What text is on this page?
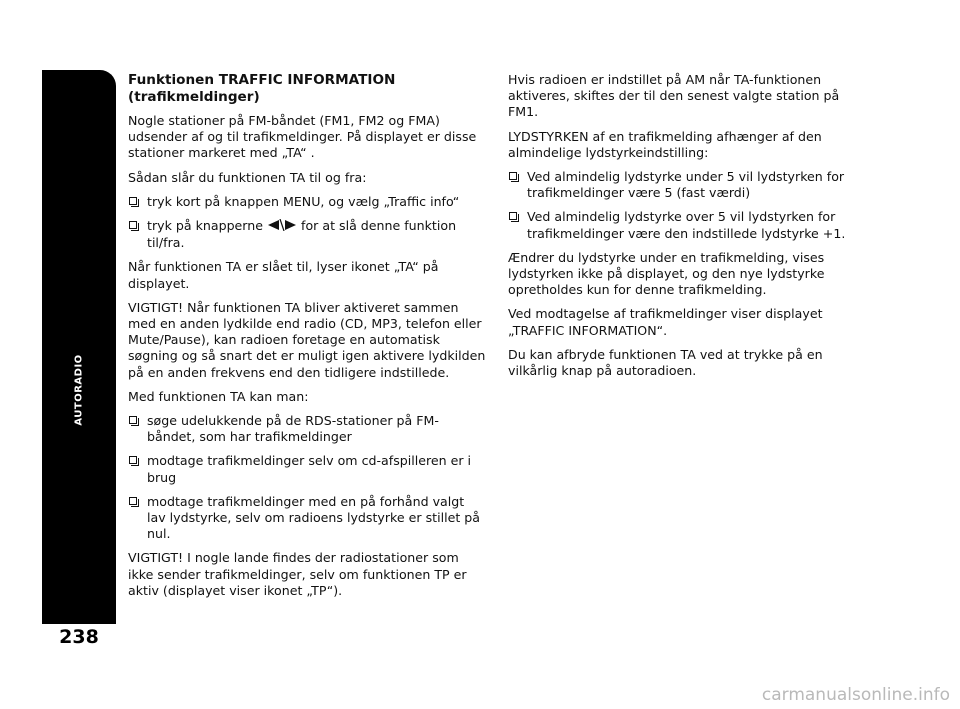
AUTORADIO
238
Funktionen TRAFFIC INFORMATION
(trafikmeldinger)

Nogle stationer på FM-båndet (FM1, FM2 og FMA) udsender af og til trafikmeldinger. På displayet er disse stationer markeret med „TA“ .

Sådan slår du funktionen TA til og fra:

tryk kort på knappen MENU, og vælg „Traffic info“
tryk på knapperne	for at slå denne funktion til/fra.

Når funktionen TA er slået til, lyser ikonet „TA“ på displayet.

VIGTIGT! Når funktionen TA bliver aktiveret sammen med en anden lydkilde end radio (CD, MP3, telefon eller Mute/Pause), kan radioen foretage en automatisk søgning og så snart det er muligt igen aktivere lydkilden på en anden frekvens end den tidligere indstillede.

Med funktionen TA kan man:

søge udelukkende på de RDS-stationer på FM-båndet, som har trafikmeldinger
modtage trafikmeldinger selv om cd-afspilleren er i brug
modtage trafikmeldinger med en på forhånd valgt lav lydstyrke, selv om radioens lydstyrke er stillet på nul.

VIGTIGT! I nogle lande findes der radiostationer som ikke sender trafikmeldinger, selv om funktionen TP er aktiv (displayet viser ikonet „TP“).

Hvis radioen er indstillet på AM når TA-funktionen aktiveres, skiftes der til den senest valgte station på FM1.

LYDSTYRKEN af en trafikmelding afhænger af den almindelige lydstyrkeindstilling:

Ved almindelig lydstyrke under 5 vil lydstyrken for trafikmeldinger være 5 (fast værdi)
Ved almindelig lydstyrke over 5 vil lydstyrken for trafikmeldinger være den indstillede lydstyrke +1.

Ændrer du lydstyrke under en trafikmelding, vises lydstyrken ikke på displayet, og den nye lydstyrke opretholdes kun for denne trafikmelding.

Ved modtagelse af trafikmeldinger viser displayet „TRAFFIC INFORMATION“.

Du kan afbryde funktionen TA ved at trykke på en vilkårlig knap på autoradioen.

carmanualsonline.info
